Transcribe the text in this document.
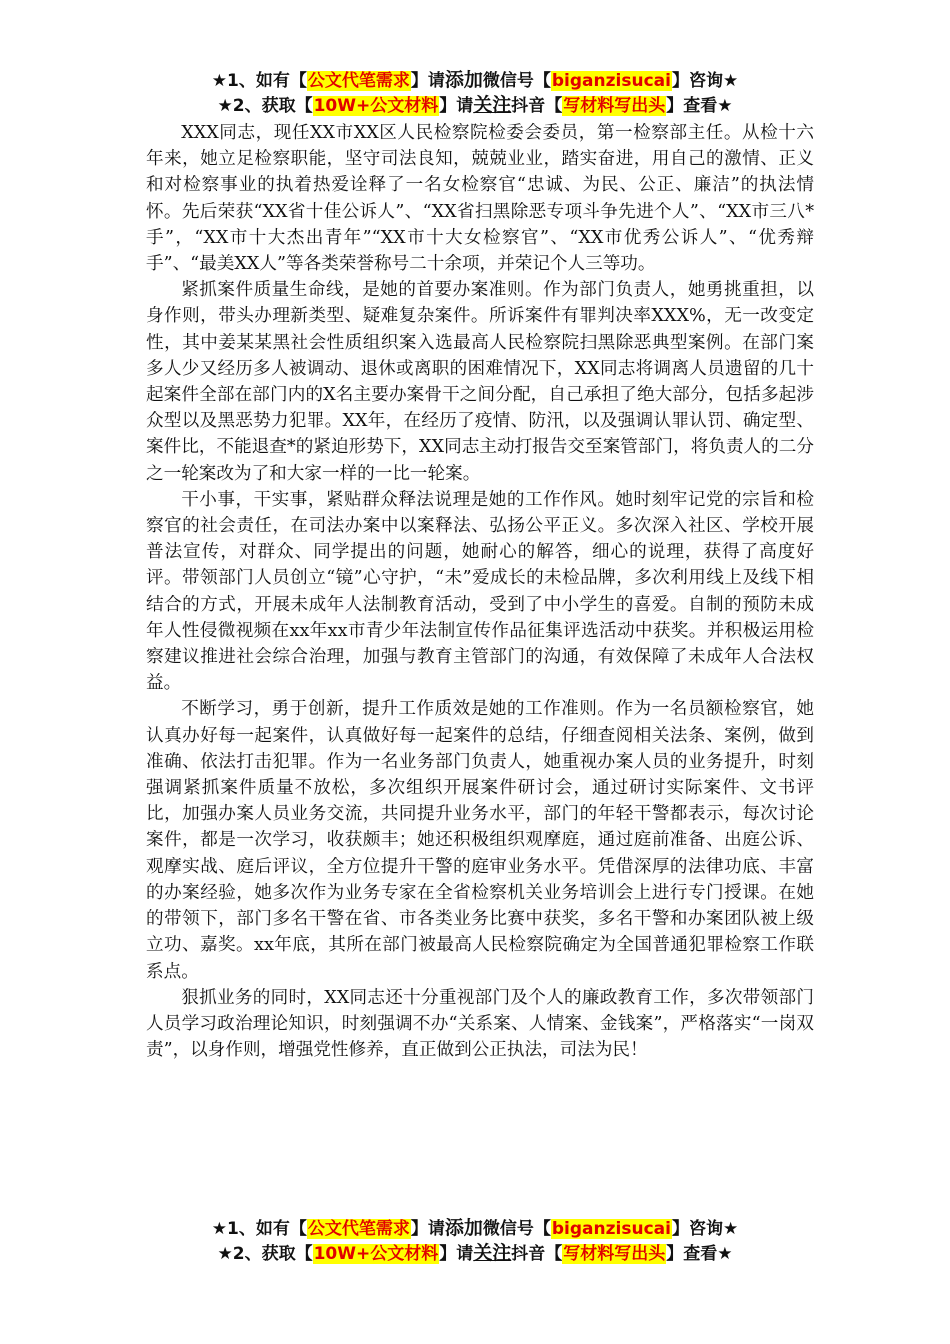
★1、如有【公文代笔需求】请添加微信号【biganzisucai】咨询★
★2、获取【10W+公文材料】请关注抖音【写材料写出头】查看★

XXX同志，现任XX市XX区人民检察院检委会委员，第一检察部主任。从检十六年来，她立足检察职能，坚守司法良知，兢兢业业，踏实奋进，用自己的激情、正义和对检察事业的执着热爱诠释了一名女检察官“忠诚、为民、公正、廉洁”的执法情怀。先后荣获“XX省十佳公诉人”、“XX省扫黑除恶专项斗争先进个人”、“XX市三八*手”，“XX市十大杰出青年”“XX市十大女检察官”、“XX市优秀公诉人”、“优秀辩手”、“最美XX人”等各类荣誉称号二十余项，并荣记个人三等功。

紧抓案件质量生命线，是她的首要办案准则。作为部门负责人，她勇挑重担，以身作则，带头办理新类型、疑难复杂案件。所诉案件有罪判决率XXX%，无一改变定性，其中姜某某黑社会性质组织案入选最高人民检察院扫黑除恶典型案例。在部门案多人少又经历多人被调动、退休或离职的困难情况下，XX同志将调离人员遗留的几十起案件全部在部门内的X名主要办案骨干之间分配，自己承担了绝大部分，包括多起涉众型以及黑恶势力犯罪。XX年，在经历了疫情、防汛，以及强调认罪认罚、确定型、案件比，不能退查*的紧迫形势下，XX同志主动打报告交至案管部门，将负责人的二分之一轮案改为了和大家一样的一比一轮案。

干小事，干实事，紧贴群众释法说理是她的工作作风。她时刻牢记党的宗旨和检察官的社会责任，在司法办案中以案释法、弘扬公平正义。多次深入社区、学校开展普法宣传，对群众、同学提出的问题，她耐心的解答，细心的说理，获得了高度好评。带领部门人员创立“镜”心守护，“未”爱成长的未检品牌，多次利用线上及线下相结合的方式，开展未成年人法制教育活动，受到了中小学生的喜爱。自制的预防未成年人性侵微视频在xx年xx市青少年法制宣传作品征集评选活动中获奖。并积极运用检察建议推进社会综合治理，加强与教育主管部门的沟通，有效保障了未成年人合法权益。

不断学习，勇于创新，提升工作质效是她的工作准则。作为一名员额检察官，她认真办好每一起案件，认真做好每一起案件的总结，仔细查阅相关法条、案例，做到准确、依法打击犯罪。作为一名业务部门负责人，她重视办案人员的业务提升，时刻强调紧抓案件质量不放松，多次组织开展案件研讨会，通过研讨实际案件、文书评比，加强办案人员业务交流，共同提升业务水平，部门的年轻干警都表示，每次讨论案件，都是一次学习，收获颇丰；她还积极组织观摩庭，通过庭前准备、出庭公诉、观摩实战、庭后评议，全方位提升干警的庭审业务水平。凭借深厚的法律功底、丰富的办案经验，她多次作为业务专家在全省检察机关业务培训会上进行专门授课。在她的带领下，部门多名干警在省、市各类业务比赛中获奖，多名干警和办案团队被上级立功、嘉奖。xx年底，其所在部门被最高人民检察院确定为全国普通犯罪检察工作联系点。

狠抓业务的同时，XX同志还十分重视部门及个人的廉政教育工作，多次带领部门人员学习政治理论知识，时刻强调不办“关系案、人情案、金钱案”，严格落实“一岗双责”，以身作则，增强党性修养，直正做到公正执法，司法为民！

★1、如有【公文代笔需求】请添加微信号【biganzisucai】咨询★
★2、获取【10W+公文材料】请关注抖音【写材料写出头】查看★
